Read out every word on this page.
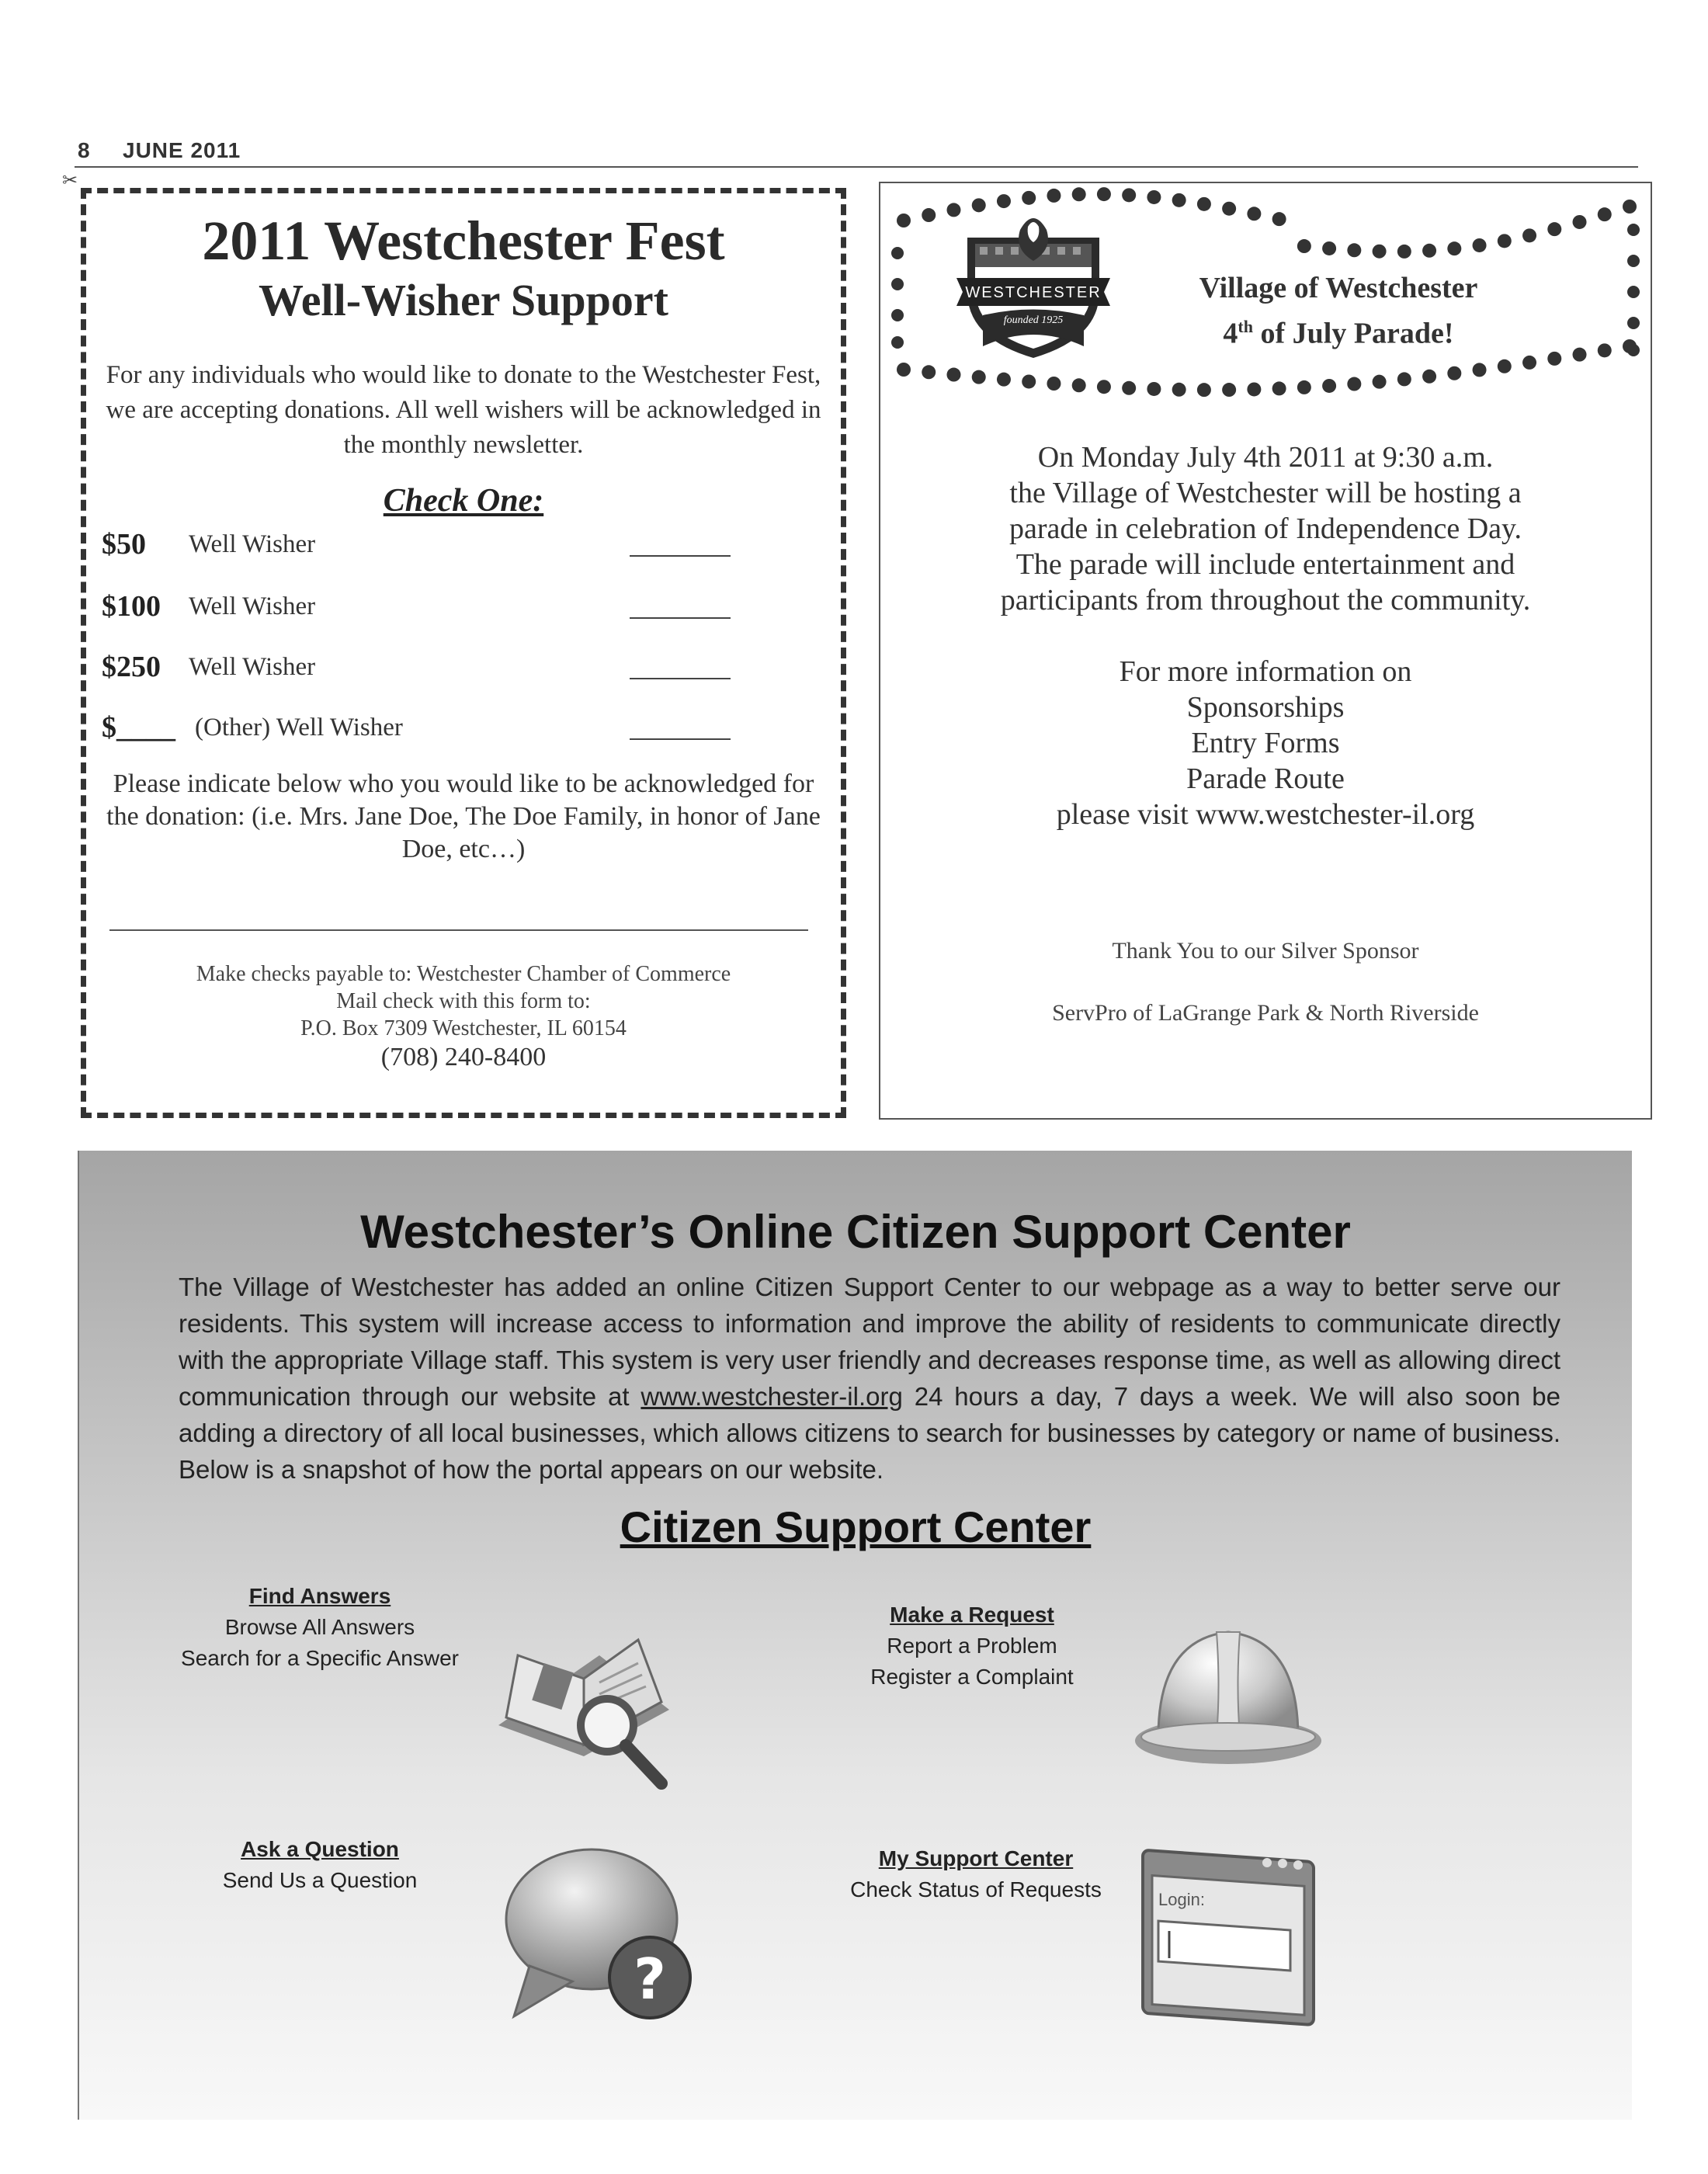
8 JUNE 2011
✂
2011 Westchester Fest
Well-Wisher Support
For any individuals who would like to donate to the Westchester Fest, we are accepting donations. All well wishers will be acknowledged in the monthly newsletter.
Check One:
$50 Well Wisher
$100 Well Wisher
$250 Well Wisher
$____ (Other) Well Wisher
Please indicate below who you would like to be acknowledged for the donation: (i.e. Mrs. Jane Doe, The Doe Family, in honor of Jane Doe, etc…)
Make checks payable to: Westchester Chamber of Commerce
Mail check with this form to:
P.O. Box 7309 Westchester, IL 60154
(708) 240-8400
WESTCHESTER
founded 1925
Village of Westchester
4th of July Parade!
On Monday July 4th 2011 at 9:30 a.m.
the Village of Westchester will be hosting a
parade in celebration of Independence Day.
The parade will include entertainment and
participants from throughout the community.
For more information on
Sponsorships
Entry Forms
Parade Route
please visit www.westchester-il.org
Thank You to our Silver Sponsor
ServPro of LaGrange Park & North Riverside
Westchester’s Online Citizen Support Center
The Village of Westchester has added an online Citizen Support Center to our webpage as a way to better serve our residents. This system will increase access to information and improve the ability of residents to communicate directly with the appropriate Village staff. This system is very user friendly and decreases response time, as well as allowing direct communication through our website at www.westchester-il.org 24 hours a day, 7 days a week. We will also soon be adding a directory of all local businesses, which allows citizens to search for businesses by category or name of business. Below is a snapshot of how the portal appears on our website.
Citizen Support Center
Find Answers
Browse All Answers
Search for a Specific Answer
Make a Request
Report a Problem
Register a Complaint
Ask a Question
Send Us a Question
?
My Support Center
Check Status of Requests	Login:
